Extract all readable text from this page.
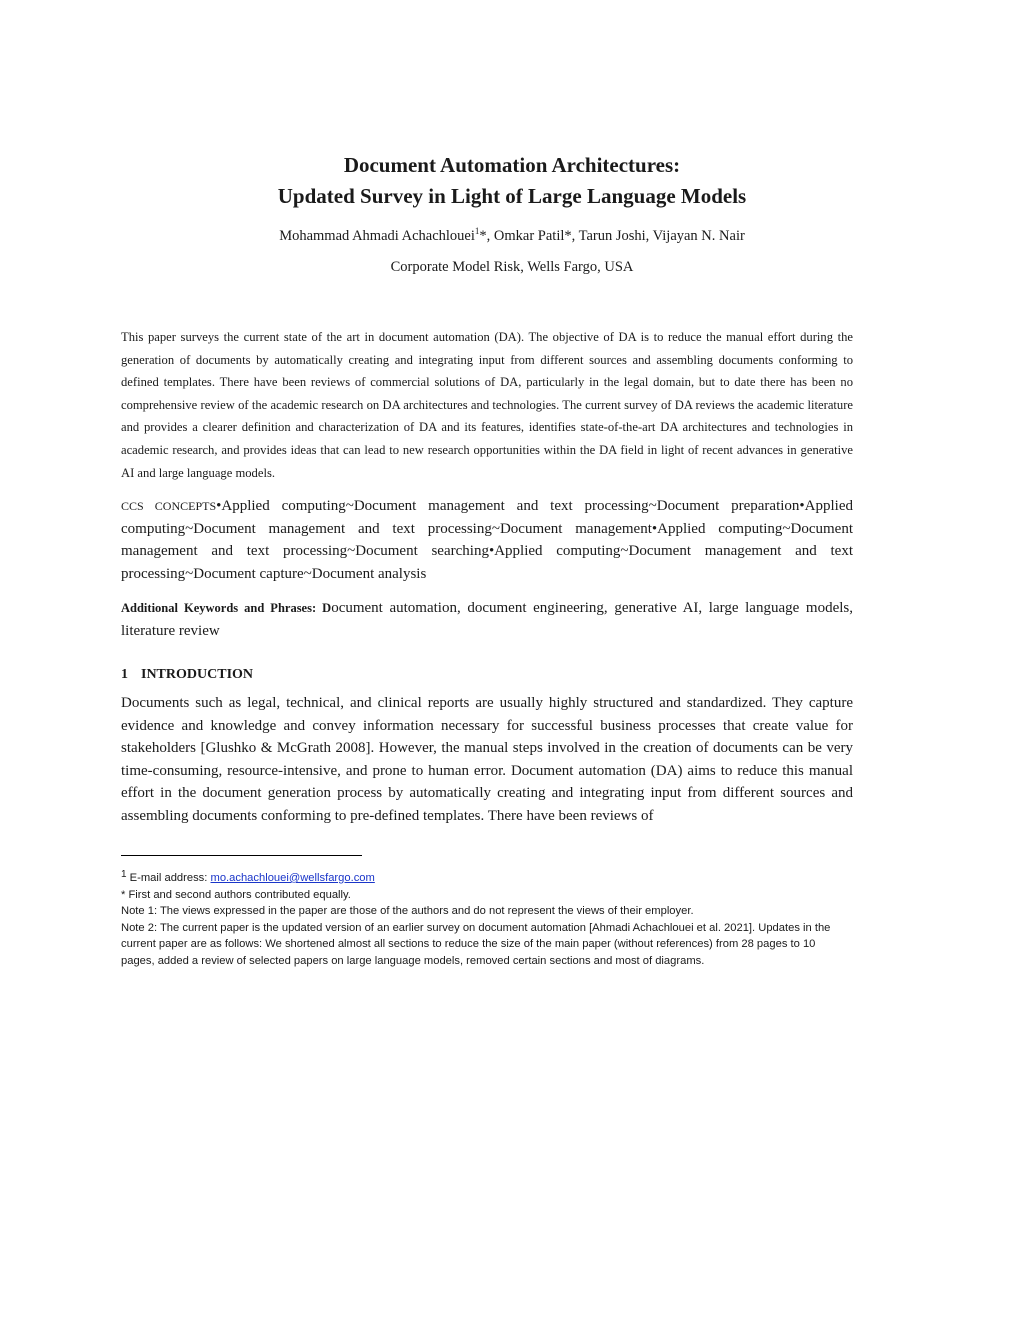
Document Automation Architectures:
Updated Survey in Light of Large Language Models
Mohammad Ahmadi Achachlouei$^1$*, Omkar Patil*, Tarun Joshi, Vijayan N. Nair
Corporate Model Risk, Wells Fargo, USA

This paper surveys the current state of the art in document automation (DA). The objective of DA is to reduce the manual effort during the generation of documents by automatically creating and integrating input from different sources and assembling documents conforming to defined templates. There have been reviews of commercial solutions of DA, particularly in the legal domain, but to date there has been no comprehensive review of the academic research on DA architectures and technologies. The current survey of DA reviews the academic literature and provides a clearer definition and characterization of DA and its features, identifies state-of-the-art DA architectures and technologies in academic research, and provides ideas that can lead to new research opportunities within the DA field in light of recent advances in generative AI and large language models.

CCS CONCEPTS•Applied computing~Document management and text processing~Document preparation•Applied computing~Document management and text processing~Document management•Applied computing~Document management and text processing~Document searching•Applied computing~Document management and text processing~Document capture~Document analysis

Additional Keywords and Phrases: Document automation, document engineering, generative AI, large language models, literature review

1 INTRODUCTION

Documents such as legal, technical, and clinical reports are usually highly structured and standardized. They capture evidence and knowledge and convey information necessary for successful business processes that create value for stakeholders [Glushko & McGrath 2008]. However, the manual steps involved in the creation of documents can be very time-consuming, resource-intensive, and prone to human error. Document automation (DA) aims to reduce this manual effort in the document generation process by automatically creating and integrating input from different sources and assembling documents conforming to pre-defined templates. There have been reviews of

$^1$ E-mail address: mo.achachlouei@wellsfargo.com

* First and second authors contributed equally.

Note 1: The views expressed in the paper are those of the authors and do not represent the views of their employer.

Note 2: The current paper is the updated version of an earlier survey on document automation [Ahmadi Achachlouei et al. 2021]. Updates in the current paper are as follows: We shortened almost all sections to reduce the size of the main paper (without references) from 28 pages to 10 pages, added a review of selected papers on large language models, removed certain sections and most of diagrams.
